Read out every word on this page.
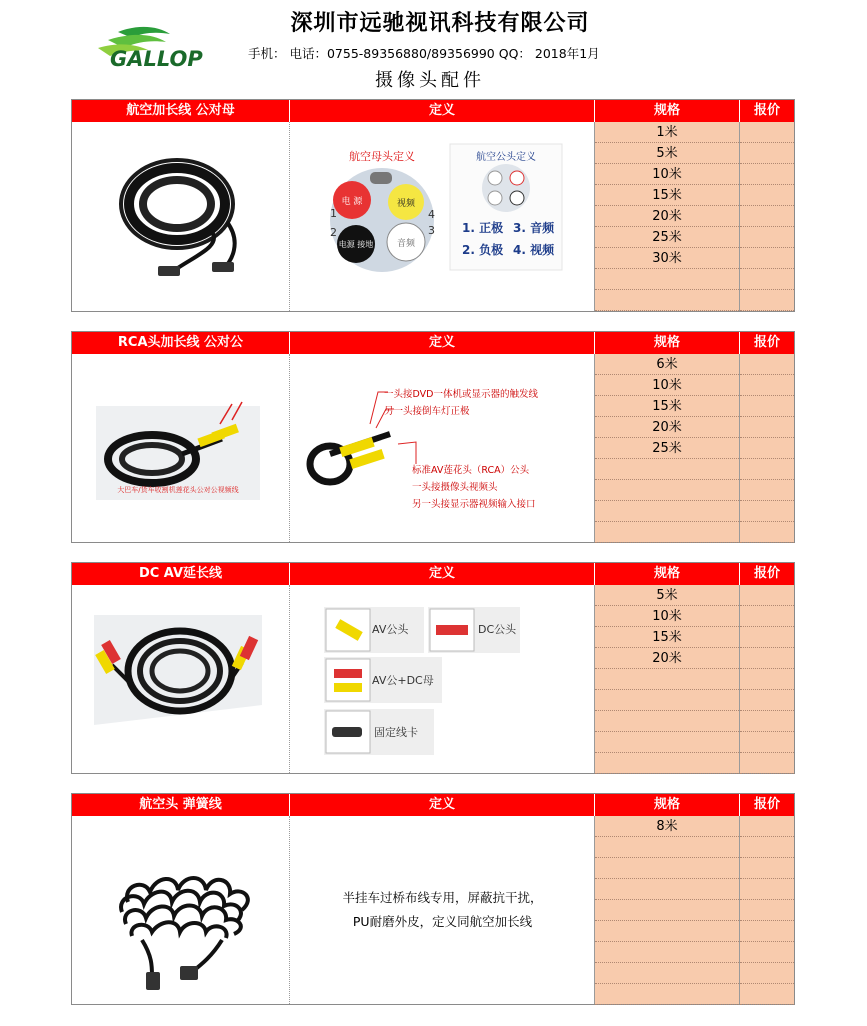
GALLOP
深圳市远驰视讯科技有限公司
手机： 电话：0755-89356880/89356990 QQ： 2018年1月
摄像头配件
航空加长线 公对母	定义	规格	报价
航空母头定义
电 源	视频
电源 接地	音频
1
2
4
3
航空公头定义
1. 正极 3. 音频
2. 负极 4. 视频
1米
5米
10米
15米
20米
25米
30米
RCA头加长线 公对公	定义	规格	报价
大巴车/货车收割机莲花头公对公视频线
一头接DVD一体机或显示器的触发线
另一头接倒车灯正极
标准AV莲花头（RCA）公头
一头接摄像头视频头
另一头接显示器视频输入接口
6米
10米
15米
20米
25米
DC AV延长线	定义	规格	报价
AV公头	DC公头
AV公+DC母
固定线卡
5米
10米
15米
20米
航空头 弹簧线	定义	规格	报价
半挂车过桥布线专用，屏蔽抗干扰，
PU耐磨外皮，定义同航空加长线
8米
